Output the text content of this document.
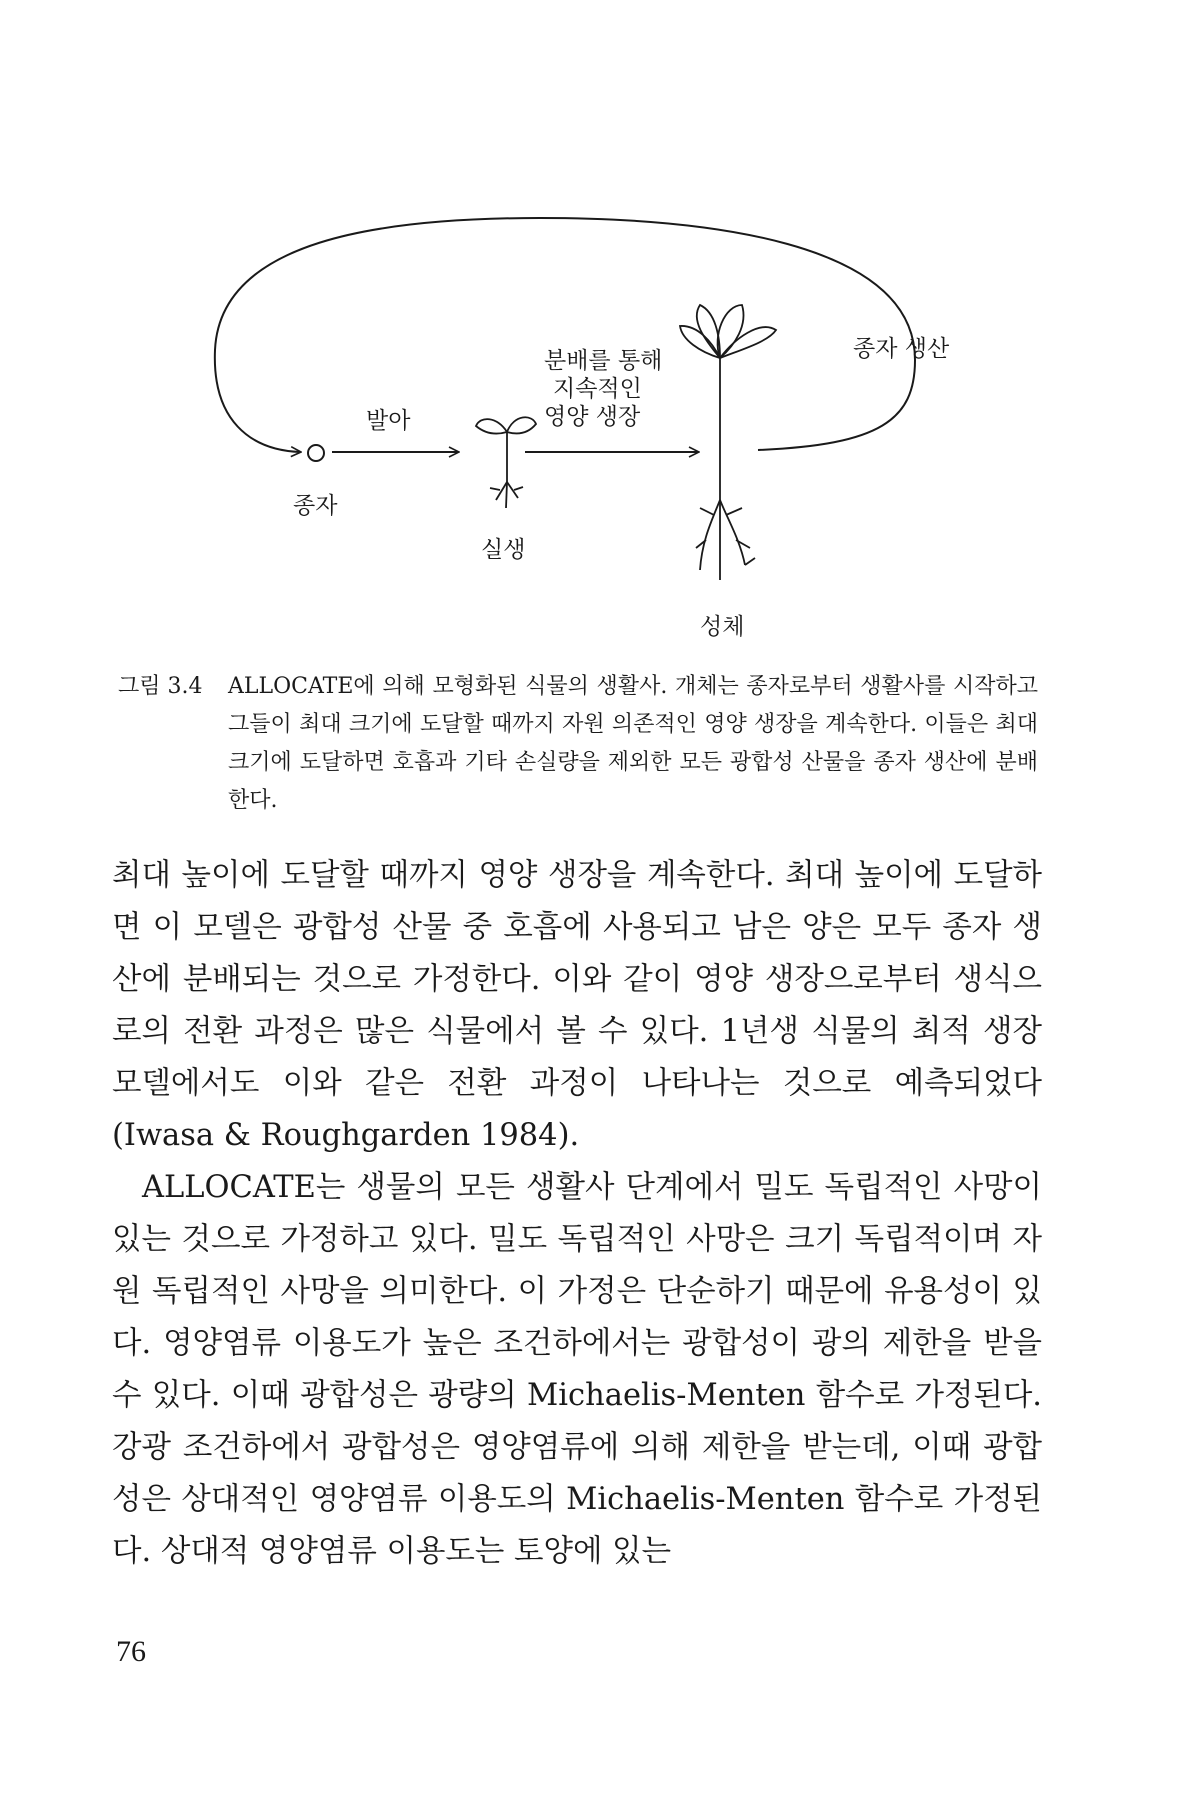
종자 생산
분배를 통해
지속적인
영양 생장
발아
종자
실생
성체
그림 3.4	ALLOCATE에 의해 모형화된 식물의 생활사. 개체는 종자로부터 생활사를 시작하고 그들이 최대 크기에 도달할 때까지 자원 의존적인 영양 생장을 계속한다. 이들은 최대 크기에 도달하면 호흡과 기타 손실량을 제외한 모든 광합성 산물을 종자 생산에 분배한다.

최대 높이에 도달할 때까지 영양 생장을 계속한다. 최대 높이에 도달하면 이 모델은 광합성 산물 중 호흡에 사용되고 남은 양은 모두 종자 생산에 분배되는 것으로 가정한다. 이와 같이 영양 생장으로부터 생식으로의 전환 과정은 많은 식물에서 볼 수 있다. 1년생 식물의 최적 생장 모델에서도 이와 같은 전환 과정이 나타나는 것으로 예측되었다(Iwasa & Roughgarden 1984).

ALLOCATE는 생물의 모든 생활사 단계에서 밀도 독립적인 사망이 있는 것으로 가정하고 있다. 밀도 독립적인 사망은 크기 독립적이며 자원 독립적인 사망을 의미한다. 이 가정은 단순하기 때문에 유용성이 있다. 영양염류 이용도가 높은 조건하에서는 광합성이 광의 제한을 받을 수 있다. 이때 광합성은 광량의 Michaelis-Menten 함수로 가정된다. 강광 조건하에서 광합성은 영양염류에 의해 제한을 받는데, 이때 광합성은 상대적인 영양염류 이용도의 Michaelis-Menten 함수로 가정된다. 상대적 영양염류 이용도는 토양에 있는

76
